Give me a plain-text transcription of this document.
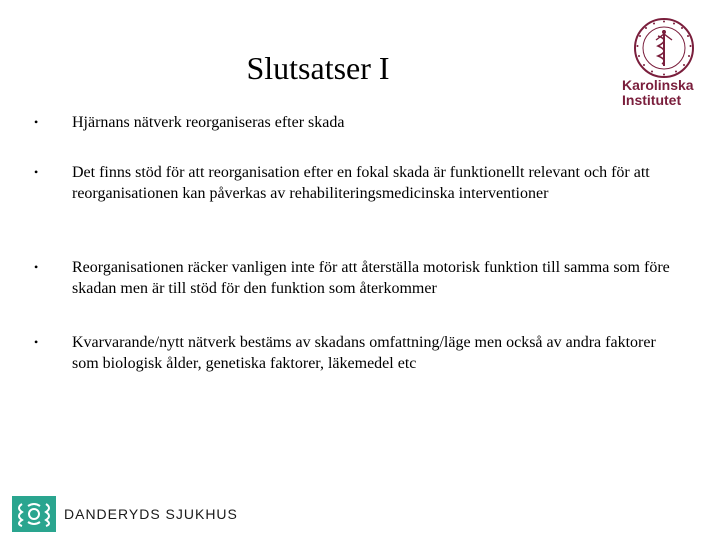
Slutsatser I	Karolinska
Institutet
•	Hjärnans nätverk reorganiseras efter skada
•	Det finns stöd för att reorganisation efter en fokal skada är funktionellt relevant och för att reorganisationen kan påverkas av rehabiliteringsmedicinska interventioner
•	Reorganisationen räcker vanligen inte för att återställa motorisk funktion till samma som före skadan men är till stöd för den funktion som återkommer
•	Kvarvarande/nytt nätverk bestäms av skadans omfattning/läge men också av andra faktorer som biologisk ålder, genetiska faktorer, läkemedel etc
DANDERYDS SJUKHUS
